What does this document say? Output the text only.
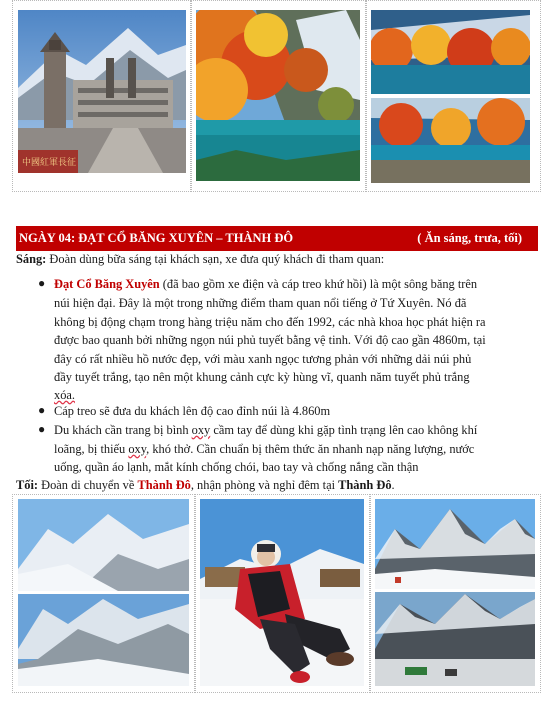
中國紅軍長征
NGÀY 04: ĐẠT CỔ BĂNG XUYÊN – THÀNH ĐÔ	( Ăn sáng, trưa, tối)
Sáng: Đoàn dùng bữa sáng tại khách sạn, xe đưa quý khách đi tham quan:
● Đạt Cổ Băng Xuyên (đã bao gồm xe điện và cáp treo khứ hồi) là một sông băng trên
núi hiện đại. Đây là một trong những điểm tham quan nổi tiếng ở Tứ Xuyên. Nó đã
không bị động chạm trong hàng triệu năm cho đến 1992, các nhà khoa học phát hiện ra
được bao quanh bởi những ngọn núi phủ tuyết bằng vệ tinh. Với độ cao gần 4860m, tại
đây có rất nhiều hồ nước đẹp, với màu xanh ngọc tương phản với những dải núi phủ
đầy tuyết trắng, tạo nên một khung cảnh cực kỳ hùng vĩ, quanh năm tuyết phủ trắng
xóa.
● Cáp treo sẽ đưa du khách lên độ cao đỉnh núi là 4.860m
● Du khách cần trang bị bình oxy cầm tay để dùng khi gặp tình trạng lên cao không khí
loãng, bị thiếu oxy, khó thở. Cần chuẩn bị thêm thức ăn nhanh nạp năng lượng, nước
uống, quần áo lạnh, mắt kính chống chói, bao tay và chống nắng cần thận
Tối: Đoàn di chuyển về Thành Đô, nhận phòng và nghỉ đêm tại Thành Đô.
